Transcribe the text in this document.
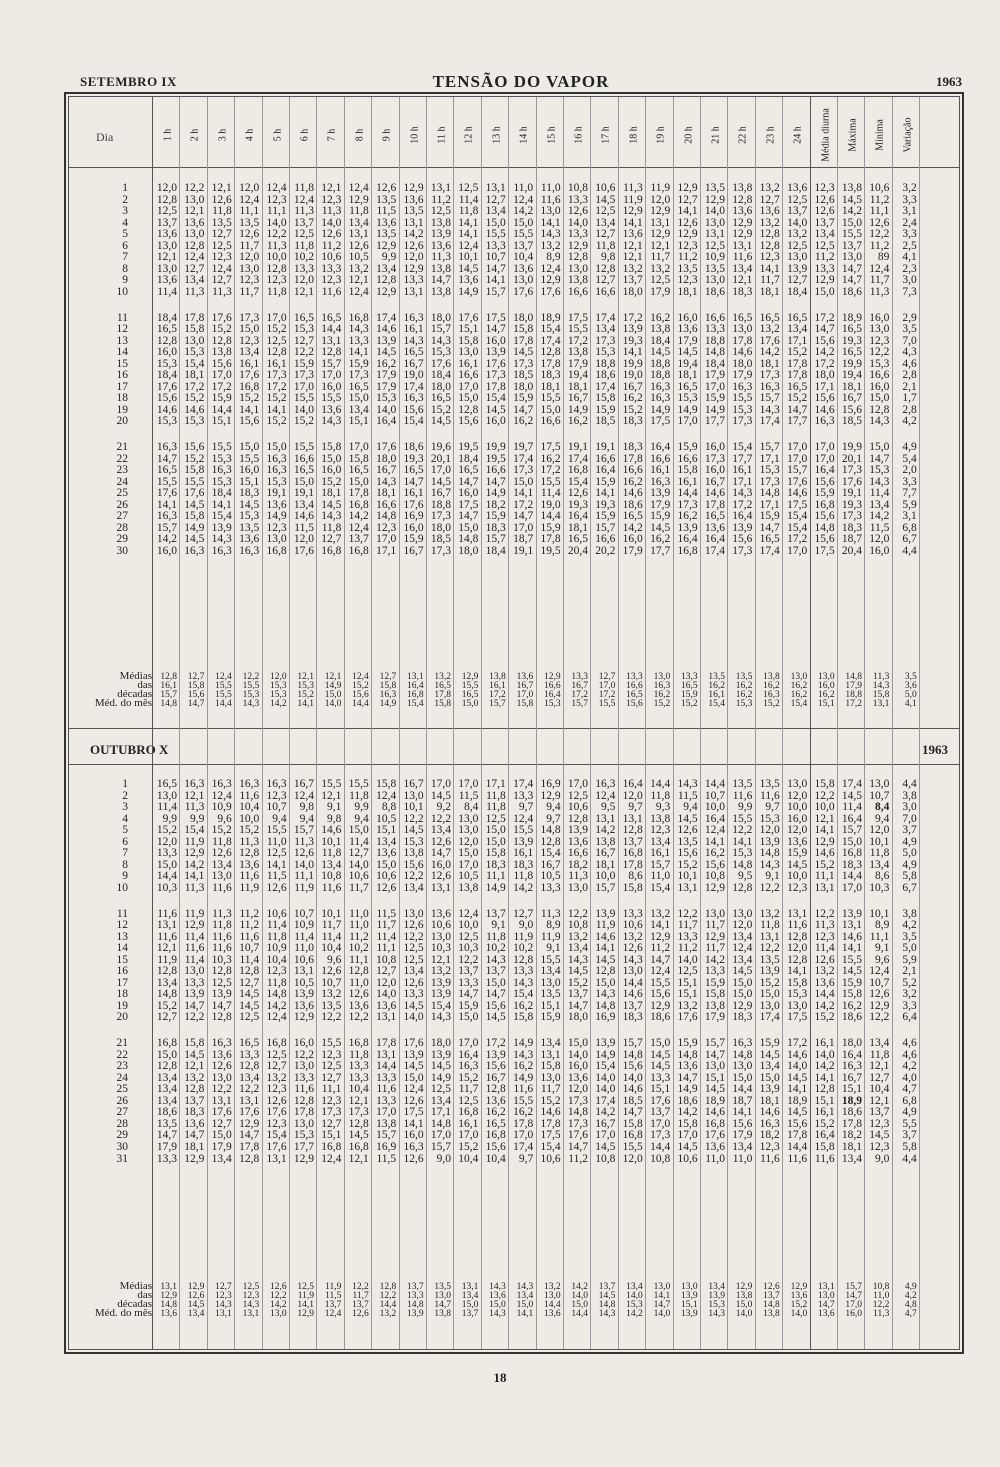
SETEMBRO IX	TENSÃO DO VAPOR	1963
OUTUBRO X	1963
Dia	1 h 2 h 3 h 4 h 5 h 6 h 7 h 8 h 9 h 10 h 11 h 12 h 13 h 14 h 15 h 16 h 17 h 18 h 19 h 20 h 21 h 22 h 23 h 24 h Média diurna Máxima Mínima Variação
1	12,0 12,2 12,1 12,0 12,4 11,8 12,1 12,4 12,6 12,9 13,1 12,5 13,1 11,0 11,0 10,8 10,6 11,3 11,9 12,9 13,5 13,8 13,2 13,6 12,3 13,8 10,6	3,2
2	12,8 13,0 12,6 12,4 12,3 12,4 12,3 12,9 13,5 13,6 11,2 11,4 12,7 12,4 11,6 13,3 14,5 11,9 12,0 12,7 12,9 12,8 12,7 12,5 12,6 14,5 11,2	3,3
3	12,5 12,1 11,8 11,1 11,1 11,3 11,3 11,8 11,5 13,5 12,5 11,8 13,4 14,2 13,0 12,6 12,5 12,9 12,9 14,1 14,0 13,6 13,6 13,7 12,6 14,2 11,1	3,1
4	13,7 13,6 13,5 13,5 14,0 13,7 14,0 13,4 13,6 13,1 13,8 14,1 15,0 15,0 14,1 14,0 13,4 14,1 13,1 12,6 13,0 12,9 13,2 14,0 13,7 15,0 12,6	2,4
5	13,6 13,0 12,7 12,6 12,2 12,5 12,6 13,1 13,5 14,2 13,9 14,1 15,5 15,5 14,3 13,3 12,7 13,6 12,9 12,9 13,1 12,9 12,8 13,2 13,4 15,5 12,2	3,3
6	13,0 12,8 12,5 11,7 11,3 11,8 11,2 12,6 12,9 12,6 13,6 12,4 13,3 13,7 13,2 12,9 11,8 12,1 12,1 12,3 12,5 13,1 12,8 12,5 12,5 13,7 11,2	2,5
7	12,1 12,4 12,3 12,0 10,0 10,2 10,6 10,5	9,9 12,0 11,3 10,1 10,7 10,4	8,9 12,8	9,8 12,1 11,7 11,2 10,9 11,6 12,3 13,0 11,2 13,0	89	4,1
8	13,0 12,7 12,4 13,0 12,8 13,3 13,3 13,2 13,4 12,9 13,8 14,5 14,7 13,6 12,4 13,0 12,8 13,2 13,2 13,5 13,5 13,4 14,1 13,9 13,3 14,7 12,4	2,3
9	13,6 13,4 12,7 12,3 12,3 12,0 12,3 12,1 12,8 13,3 14,7 13,6 14,1 13,0 12,9 13,8 12,7 13,7 12,5 12,3 13,0 12,1 11,7 12,7 12,9 14,7 11,7	3,0
10	11,4 11,3 11,3 11,7 11,8 12,1 11,6 12,4 12,9 13,1 13,8 14,9 15,7 17,6 17,6 16,6 16,6 18,0 17,9 18,1 18,6 18,3 18,1 18,4 15,0 18,6 11,3	7,3
11	18,4 17,8 17,6 17,3 17,0 16,5 16,5 16,8 17,4 16,3 18,0 17,6 17,5 18,0 18,9 17,5 17,4 17,2 16,2 16,0 16,6 16,5 16,5 16,5 17,2 18,9 16,0	2,9
12	16,5 15,8 15,2 15,0 15,2 15,3 14,4 14,3 14,6 16,1 15,7 15,1 14,7 15,8 15,4 15,5 13,4 13,9 13,8 13,6 13,3 13,0 13,2 13,4 14,7 16,5 13,0	3,5
13	12,8 13,0 12,8 12,3 12,5 12,7 13,1 13,3 13,9 14,3 14,3 15,8 16,0 17,8 17,4 17,2 17,3 19,3 18,4 17,9 18,8 17,8 17,6 17,1 15,6 19,3 12,3	7,0
14	16,0 15,3 13,8 13,4 12,8 12,2 12,8 14,1 14,5 16,5 15,3 13,0 13,9 14,5 12,8 13,8 15,3 14,1 14,5 14,5 14,8 14,6 14,2 15,2 14,2 16,5 12,2	4,3
15	15,3 15,4 15,6 16,1 16,1 15,9 15,7 15,9 16,2 16,7 17,6 16,1 17,6 17,3 17,8 17,9 18,8 19,9 18,8 19,4 18,4 18,0 18,1 17,8 17,2 19,9 15,3	4,6
16	18,4 18,1 17,0 17,6 17,3 17,3 17,0 17,3 17,9 19,0 18,4 16,6 17,3 18,5 18,3 19,4 18,6 19,0 18,8 18,1 17,9 17,9 17,3 17,8 18,0 19,4 16,6	2,8
17	17,6 17,2 17,2 16,8 17,2 17,0 16,0 16,5 17,9 17,4 18,0 17,0 17,8 18,0 18,1 18,1 17,4 16,7 16,3 16,5 17,0 16,3 16,3 16,5 17,1 18,1 16,0	2,1
18	15,6 15,2 15,9 15,2 15,2 15,5 15,5 15,0 15,3 16,3 16,5 15,0 15,4 15,9 15,5 16,7 15,8 16,2 16,3 15,3 15,9 15,5 15,7 15,2 15,6 16,7 15,0	1,7
19	14,6 14,6 14,4 14,1 14,1 14,0 13,6 13,4 14,0 15,6 15,2 12,8 14,5 14,7 15,0 14,9 15,9 15,2 14,9 14,9 14,9 15,3 14,3 14,7 14,6 15,6 12,8	2,8
20	15,3 15,3 15,1 15,6 15,2 15,2 14,3 15,1 16,4 15,4 14,5 15,6 16,0 16,2 16,6 16,2 18,5 18,3 17,5 17,0 17,7 17,3 17,4 17,7 16,3 18,5 14,3	4,2
21	16,3 15,6 15,5 15,0 15,0 15,5 15,8 17,0 17,6 18,6 19,6 19,5 19,9 19,7 17,5 19,1 19,1 18,3 16,4 15,9 16,0 15,4 15,7 17,0 17,0 19,9 15,0	4,9
22	14,7 15,2 15,3 15,5 16,3 16,6 15,0 15,8 18,0 19,3 20,1 18,4 19,5 17,4 16,2 17,4 16,6 17,8 16,6 16,6 17,3 17,7 17,1 17,0 17,0 20,1 14,7	5,4
23	16,5 15,8 16,3 16,0 16,3 16,5 16,0 16,5 16,7 16,5 17,0 16,5 16,6 17,3 17,2 16,8 16,4 16,6 16,1 15,8 16,0 16,1 15,3 15,7 16,4 17,3 15,3	2,0
24	15,5 15,5 15,3 15,1 15,3 15,0 15,2 15,0 14,3 14,7 14,5 14,7 14,7 15,0 15,5 15,4 15,9 16,2 16,3 16,1 16,7 17,1 17,3 17,6 15,6 17,6 14,3	3,3
25	17,6 17,6 18,4 18,3 19,1 19,1 18,1 17,8 18,1 16,1 16,7 16,0 14,9 14,1 11,4 12,6 14,1 14,6 13,9 14,4 14,6 14,3 14,8 14,6 15,9 19,1 11,4	7,7
26	14,1 14,5 14,1 14,5 13,6 13,4 14,5 16,8 16,6 17,6 18,8 17,5 18,2 17,2 19,0 19,3 19,3 18,6 17,9 17,3 17,8 17,2 17,1 17,5 16,8 19,3 13,4	5,9
27	16,3 15,8 15,4 15,3 14,9 14,6 14,3 14,2 14,8 16,9 17,3 14,7 15,9 14,7 14,4 16,4 15,9 16,5 15,9 16,2 16,5 16,4 15,9 15,4 15,6 17,3 14,2	3,1
28	15,7 14,9 13,9 13,5 12,3 11,5 11,8 12,4 12,3 16,0 18,0 15,0 18,3 17,0 15,9 18,1 15,7 14,2 14,5 13,9 13,6 13,9 14,7 15,4 14,8 18,3 11,5	6,8
29	14,2 14,5 14,3 13,6 13,0 12,0 12,7 13,7 17,0 15,9 18,5 14,8 15,7 18,7 17,8 16,5 16,6 16,0 16,2 16,4 16,4 15,6 16,5 17,2 15,6 18,7 12,0	6,7
30	16,0 16,3 16,3 16,3 16,8 17,6 16,8 16,8 17,1 16,7 17,3 18,0 18,4 19,1 19,5 20,4 20,2 17,9 17,7 16,8 17,4 17,3 17,4 17,0 17,5 20,4 16,0	4,4
Médias
das
décadas
Méd. do mês
12,8	12,7	12,4	12,2	12,0	12,1	12,1	12,4	12,7	13,1	13,2	12,9	13,8	13,6	12,9	13,3	12,7	13,3	13,0	13,3	13,5	13,5	13,8	13,0	13,0	14,8	11,3	3,5
16,1	15,8	15,5	15,5	15,3	15,3	14,9	15,2	15,8	16,4	16,5	15,5	16,1	16,7	16,6	16,7	17,0	16,6	16,3	16,5	16,2	16,2	16,2	16,2	16,0	17,9	14,3	3,6
15,7	15,6	15,5	15,3	15,3	15,2	15,0	15,6	16,3	16,8	17,8	16,5	17,2	17,0	16,4	17,2	17,2	16,5	16,2	15,9	16,1	16,2	16,3	16,2	16,2	18,8	15,8	5,0
14,8	14,7	14,4	14,3	14,2	14,1	14,0	14,4	14,9	15,4	15,8	15,0	15,7	15,8	15,3	15,7	15,5	15,6	15,2	15,2	15,4	15,3	15,2	15,4	15,1	17,2	13,1	4,1
1	16,5 16,3 16,3 16,3 16,3 16,7 15,5 15,5 15,8 16,7 17,0 17,0 17,1 17,4 16,9 17,0 16,3 16,4 14,4 14,3 14,4 13,5 13,5 13,0 15,8 17,4 13,0	4,4
2	13,0 12,1 12,4 11,6 12,3 12,4 12,1 11,8 12,4 13,0 14,5 11,5 11,8 13,3 12,9 12,5 12,4 12,0 11,8 11,5 10,7 11,6 11,6 12,0 12,2 14,5 10,7	3,8
3	11,4 11,3 10,9 10,4 10,7	9,8	9,1	9,9	8,8 10,1	9,2	8,4 11,8	9,7	9,4 10,6	9,5	9,7	9,3	9,4 10,0	9,9	9,7 10,0 10,0 11,4	8,4	3,0
4	9,9	9,9	9,6 10,0	9,4	9,4	9,8	9,4 10,5 12,2 12,2 13,0 12,5 12,4	9,7 12,8 13,1 13,1 13,8 14,5 16,4 15,5 15,3 16,0 12,1 16,4	9,4	7,0
5	15,2 15,4 15,2 15,2 15,5 15,7 14,6 15,0 15,1 14,5 13,4 13,0 15,0 15,5 14,8 13,9 14,2 12,8 12,3 12,6 12,4 12,2 12,0 12,0 14,1 15,7 12,0	3,7
6	12,0 11,9 11,8 11,3 11,0 11,3 10,1 11,4 13,4 15,3 12,6 12,0 15,0 13,9 12,8 13,6 13,8 13,7 13,4 13,5 14,1 14,1 13,9 13,6 12,9 15,0 10,1	4,9
7	13,3 12,9 12,6 12,8 12,5 12,6 11,8 12,7 13,6 13,8 14,7 15,0 15,8 16,1 15,4 16,6 16,7 16,8 16,1 15,6 16,2 15,3 14,8 15,9 14,6 16,8 11,8	5,0
8	15,0 14,2 13,4 13,6 14,1 14,0 13,4 14,0 15,0 15,6 16,0 17,0 18,3 18,3 16,7 18,2 18,1 17,8 15,7 15,2 15,6 14,8 14,3 14,5 15,2 18,3 13,4	4,9
9	14,4 14,1 13,0 11,6 11,5 11,1 10,8 10,6 10,6 12,2 12,6 10,5 11,1 11,8 10,5 11,3 10,0	8,6 11,0 10,1 10,8	9,5	9,1 10,0 11,1 14,4	8,6	5,8
10	10,3 11,3 11,6 11,9 12,6 11,9 11,6 11,7 12,6 13,4 13,1 13,8 14,9 14,2 13,3 13,0 15,7 15,8 15,4 13,1 12,9 12,8 12,2 12,3 13,1 17,0 10,3	6,7
11	11,6 11,9 11,3 11,2 10,6 10,7 10,1 11,0 11,5 13,0 13,6 12,4 13,7 12,7 11,3 12,2 13,9 13,3 13,2 12,2 13,0 13,0 13,2 13,1 12,2 13,9 10,1	3,8
12	13,1 12,9 11,8 11,2 11,4 10,9 11,7 11,0 11,7 12,6 10,6 10,0	9,1	9,0	8,9 10,8 11,9 10,6 14,1 11,7 11,7 12,0 11,8 11,6 11,3 13,1	8,9	4,2
13	11,6 11,4 11,6 11,6 11,8 11,4 11,4 11,2 11,4 12,2 13,0 12,5 11,8 11,9 11,9 13,2 14,6 13,2 12,9 13,3 12,9 13,4 13,1 12,8 12,3 14,6 11,1	3,5
14	12,1 11,6 11,6 10,7 10,9 11,0 10,4 10,2 11,1 12,5 10,3 10,3 10,2 10,2	9,1 13,4 14,1 12,6 11,2 11,2 11,7 12,4 12,2 12,0 11,4 14,1	9,1	5,0
15	11,9 11,4 10,3 11,4 10,4 10,6	9,6 11,1 10,8 12,5 12,1 12,2 14,3 12,8 15,5 14,3 14,5 14,3 14,7 14,0 14,2 13,4 13,5 12,8 12,6 15,5	9,6	5,9
16	12,8 13,0 12,8 12,8 12,3 13,1 12,6 12,8 12,7 13,4 13,2 13,7 13,7 13,3 13,4 14,5 12,8 13,0 12,4 12,5 13,3 14,5 13,9 14,1 13,2 14,5 12,4	2,1
17	13,4 13,3 12,5 12,7 11,8 10,5 10,7 11,0 12,0 12,6 13,9 13,3 15,0 14,3 13,0 15,2 15,0 14,4 15,5 15,1 15,9 15,0 15,2 15,8 13,6 15,9 10,7	5,2
18	14,8 13,9 13,9 14,5 14,8 13,9 13,2 12,6 14,0 13,3 13,9 14,7 14,7 15,4 13,5 13,7 14,3 14,6 15,6 15,1 15,8 15,0 15,0 15,3 14,4 15,8 12,6	3,2
19	15,2 14,7 14,7 14,5 14,2 13,6 13,5 13,6 13,6 14,5 15,4 15,9 15,6 16,2 15,1 14,7 14,8 13,7 12,9 13,2 13,8 12,9 13,0 13,0 14,2 16,2 12,9	3,3
20	12,7 12,2 12,8 12,5 12,4 12,9 12,2 12,2 13,1 14,0 14,3 15,0 14,5 15,8 15,9 18,0 16,9 18,3 18,6 17,6 17,9 18,3 17,4 17,5 15,2 18,6 12,2	6,4
21	16,8 15,8 16,3 16,5 16,8 16,0 15,5 16,8 17,8 17,6 18,0 17,0 17,2 14,9 13,4 15,0 13,9 15,7 15,0 15,9 15,7 16,3 15,9 17,2 16,1 18,0 13,4	4,6
22	15,0 14,5 13,6 13,3 12,5 12,2 12,3 11,8 13,1 13,9 13,9 16,4 13,9 14,3 13,1 14,0 14,9 14,8 14,5 14,8 14,7 14,8 14,5 14,6 14,0 16,4 11,8	4,6
23	12,8 12,1 12,6 12,8 12,7 13,0 12,5 13,3 14,4 14,5 14,5 16,3 15,6 16,2 15,8 16,0 15,4 15,6 14,5 13,6 13,0 13,0 13,4 14,0 14,2 16,3 12,1	4,2
24	13,4 13,2 13,0 13,4 13,2 13,3 12,7 13,3 13,3 15,0 14,9 15,2 16,7 14,9 13,0 13,6 14,0 14,0 13,3 14,7 15,1 15,0 15,0 14,5 14,1 16,7 12,7	4,0
25	13,4 12,8 12,2 12,2 12,3 11,6 11,1 10,4 11,6 12,4 12,5 11,7 12,8 11,6 11,7 12,0 14,0 14,6 15,1 14,9 14,5 14,4 13,9 14,1 12,8 15,1 10,4	4,7
26	13,4 13,7 13,1 13,1 12,6 12,8 12,3 12,1 13,3 12,6 13,4 12,5 13,6 15,5 15,2 17,3 17,4 18,5 17,6 18,6 18,9 18,7 18,1 18,9 15,1 18,9 12,1	6,8
27	18,6 18,3 17,6 17,6 17,6 17,8 17,3 17,3 17,0 17,5 17,1 16,8 16,2 16,2 14,6 14,8 14,2 14,7 13,7 14,2 14,6 14,1 14,6 14,5 16,1 18,6 13,7	4,9
28	13,5 13,6 12,7 12,9 12,3 13,0 12,7 12,8 13,8 14,1 14,8 16,1 16,5 17,8 17,8 17,3 16,7 15,8 17,0 15,8 16,8 15,6 16,3 15,6 15,2 17,8 12,3	5,5
29	14,7 14,7 15,0 14,7 15,4 15,3 15,1 14,5 15,7 16,0 17,0 17,0 16,8 17,0 17,5 17,6 17,0 16,8 17,3 17,0 17,6 17,9 18,2 17,8 16,4 18,2 14,5	3,7
30	17,9 18,1 17,9 17,8 17,6 17,7 16,8 16,8 16,9 16,3 15,7 15,2 15,6 17,4 15,4 14,7 14,5 15,5 14,4 14,5 13,6 13,4 12,3 14,4 15,8 18,1 12,3	5,8
31	13,3 12,9 13,4 12,8 13,1 12,9 12,4 12,1 11,5 12,6	9,0 10,4 10,4	9,7 10,6 11,2 10,8 12,0 10,8 10,6 11,0 11,0 11,6 11,6 11,6 13,4	9,0	4,4
Médias
das
décadas
Méd. do mês
13,1	12,9	12,7	12,5	12,6	12,5	11,9	12,2	12,8	13,7	13,5	13,1	14,3	14,3	13,2	14,2	13,7	13,4	13,0	13,0	13,4	12,9	12,6	12,9	13,1	15,7	10,8	4,9
12,9	12,6	12,3	12,3	12,2	11,9	11,5	11,7	12,2	13,3	13,0	13,4	13,6	13,4	13,0	14,0	14,5	14,0	14,1	13,9	13,9	13,8	13,7	13,6	13,0	14,7	11,0	4,2
14,8	14,5	14,3	14,3	14,2	14,1	13,7	13,7	14,4	14,8	14,7	15,0	15,0	15,0	14,4	15,0	14,8	15,3	14,7	15,1	15,3	15,0	14,8	15,2	14,7	17,0	12,2	4,8
13,6	13,4	13,1	13,1	13,0	12,9	12,4	12,6	13,2	13,9	13,8	13,7	14,3	14,1	13,6	14,4	14,3	14,2	14,0	13,9	14,3	14,0	13,8	14,0	13,6	16,0	11,3	4,7
18
